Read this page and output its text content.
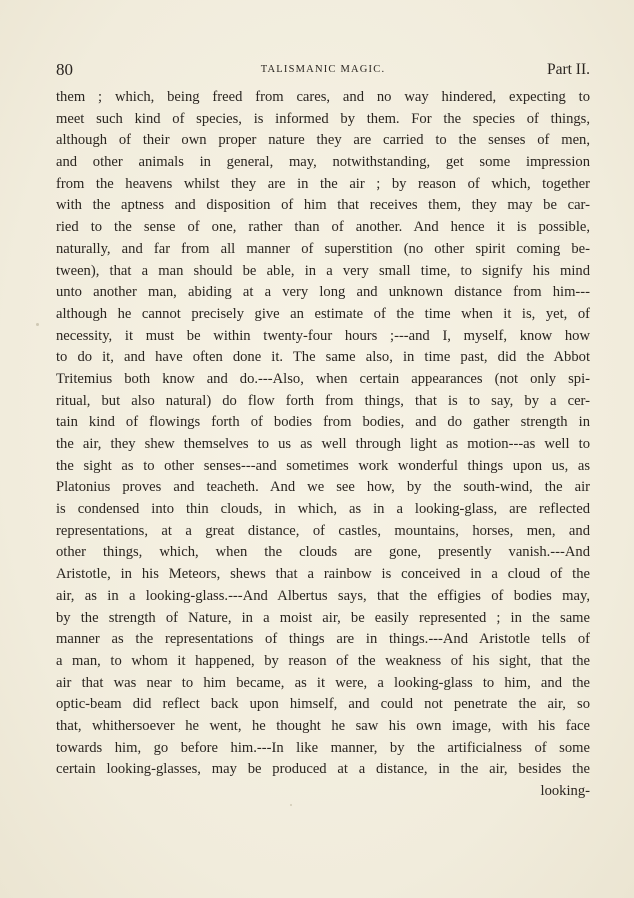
80	TALISMANIC MAGIC.	Part II.
them ; which, being freed from cares, and no way hindered, expecting to
meet such kind of species, is informed by them. For the species of things,
although of their own proper nature they are carried to the senses of men,
and other animals in general, may, notwithstanding, get some impression
from the heavens whilst they are in the air ; by reason of which, together
with the aptness and disposition of him that receives them, they may be car-
ried to the sense of one, rather than of another. And hence it is possible,
naturally, and far from all manner of superstition (no other spirit coming be-
tween), that a man should be able, in a very small time, to signify his mind
unto another man, abiding at a very long and unknown distance from him---
although he cannot precisely give an estimate of the time when it is, yet, of
necessity, it must be within twenty-four hours ;---and I, myself, know how
to do it, and have often done it. The same also, in time past, did the Abbot
Tritemius both know and do.---Also, when certain appearances (not only spi-
ritual, but also natural) do flow forth from things, that is to say, by a cer-
tain kind of flowings forth of bodies from bodies, and do gather strength in
the air, they shew themselves to us as well through light as motion---as well to
the sight as to other senses---and sometimes work wonderful things upon us, as
Platonius proves and teacheth. And we see how, by the south-wind, the air
is condensed into thin clouds, in which, as in a looking-glass, are reflected
representations, at a great distance, of castles, mountains, horses, men, and
other things, which, when the clouds are gone, presently vanish.---And
Aristotle, in his Meteors, shews that a rainbow is conceived in a cloud of the
air, as in a looking-glass.---And Albertus says, that the effigies of bodies may,
by the strength of Nature, in a moist air, be easily represented ; in the same
manner as the representations of things are in things.---And Aristotle tells of
a man, to whom it happened, by reason of the weakness of his sight, that the
air that was near to him became, as it were, a looking-glass to him, and the
optic-beam did reflect back upon himself, and could not penetrate the air, so
that, whithersoever he went, he thought he saw his own image, with his face
towards him, go before him.---In like manner, by the artificialness of some
certain looking-glasses, may be produced at a distance, in the air, besides the
looking-
